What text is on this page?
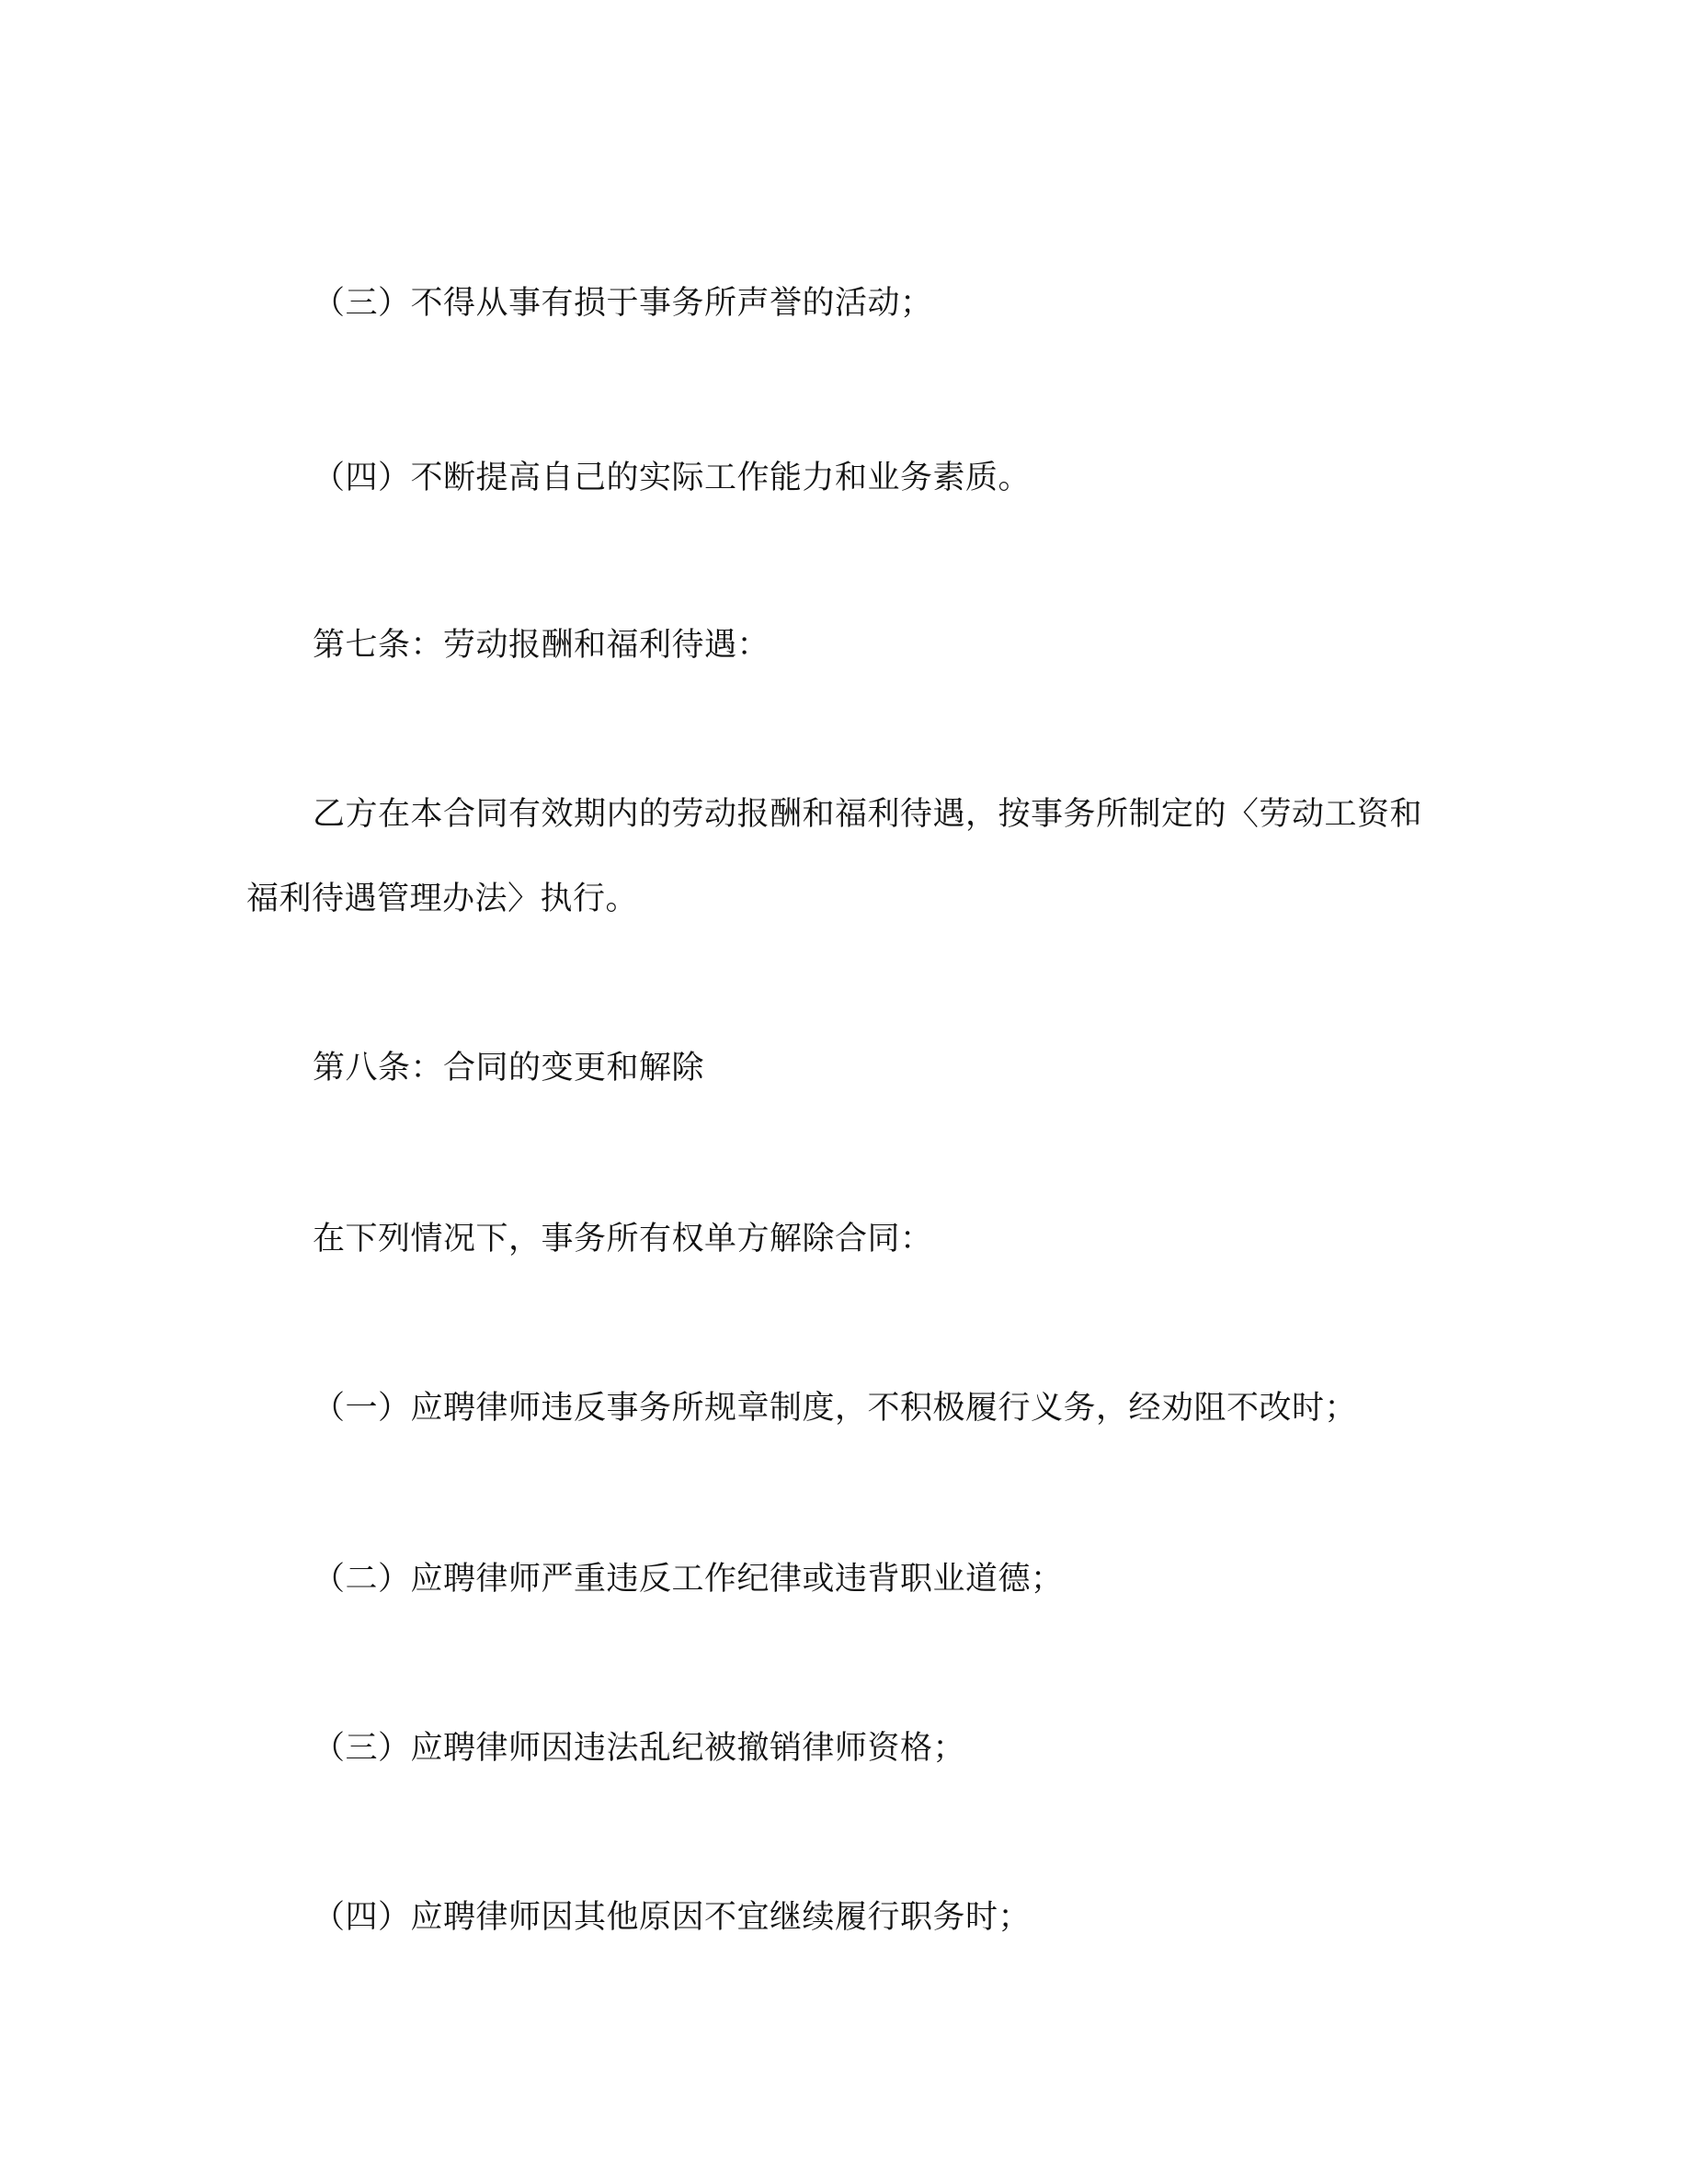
（三）不得从事有损于事务所声誉的活动；
（四）不断提高自己的实际工作能力和业务素质。
第七条：劳动报酬和福利待遇：
乙方在本合同有效期内的劳动报酬和福利待遇，按事务所制定的〈劳动工资和
福利待遇管理办法〉执行。
第八条：合同的变更和解除
在下列情况下，事务所有权单方解除合同：
（一）应聘律师违反事务所规章制度，不积极履行义务，经劝阻不改时；
（二）应聘律师严重违反工作纪律或违背职业道德；
（三）应聘律师因违法乱纪被撤销律师资格；
（四）应聘律师因其他原因不宜继续履行职务时；
